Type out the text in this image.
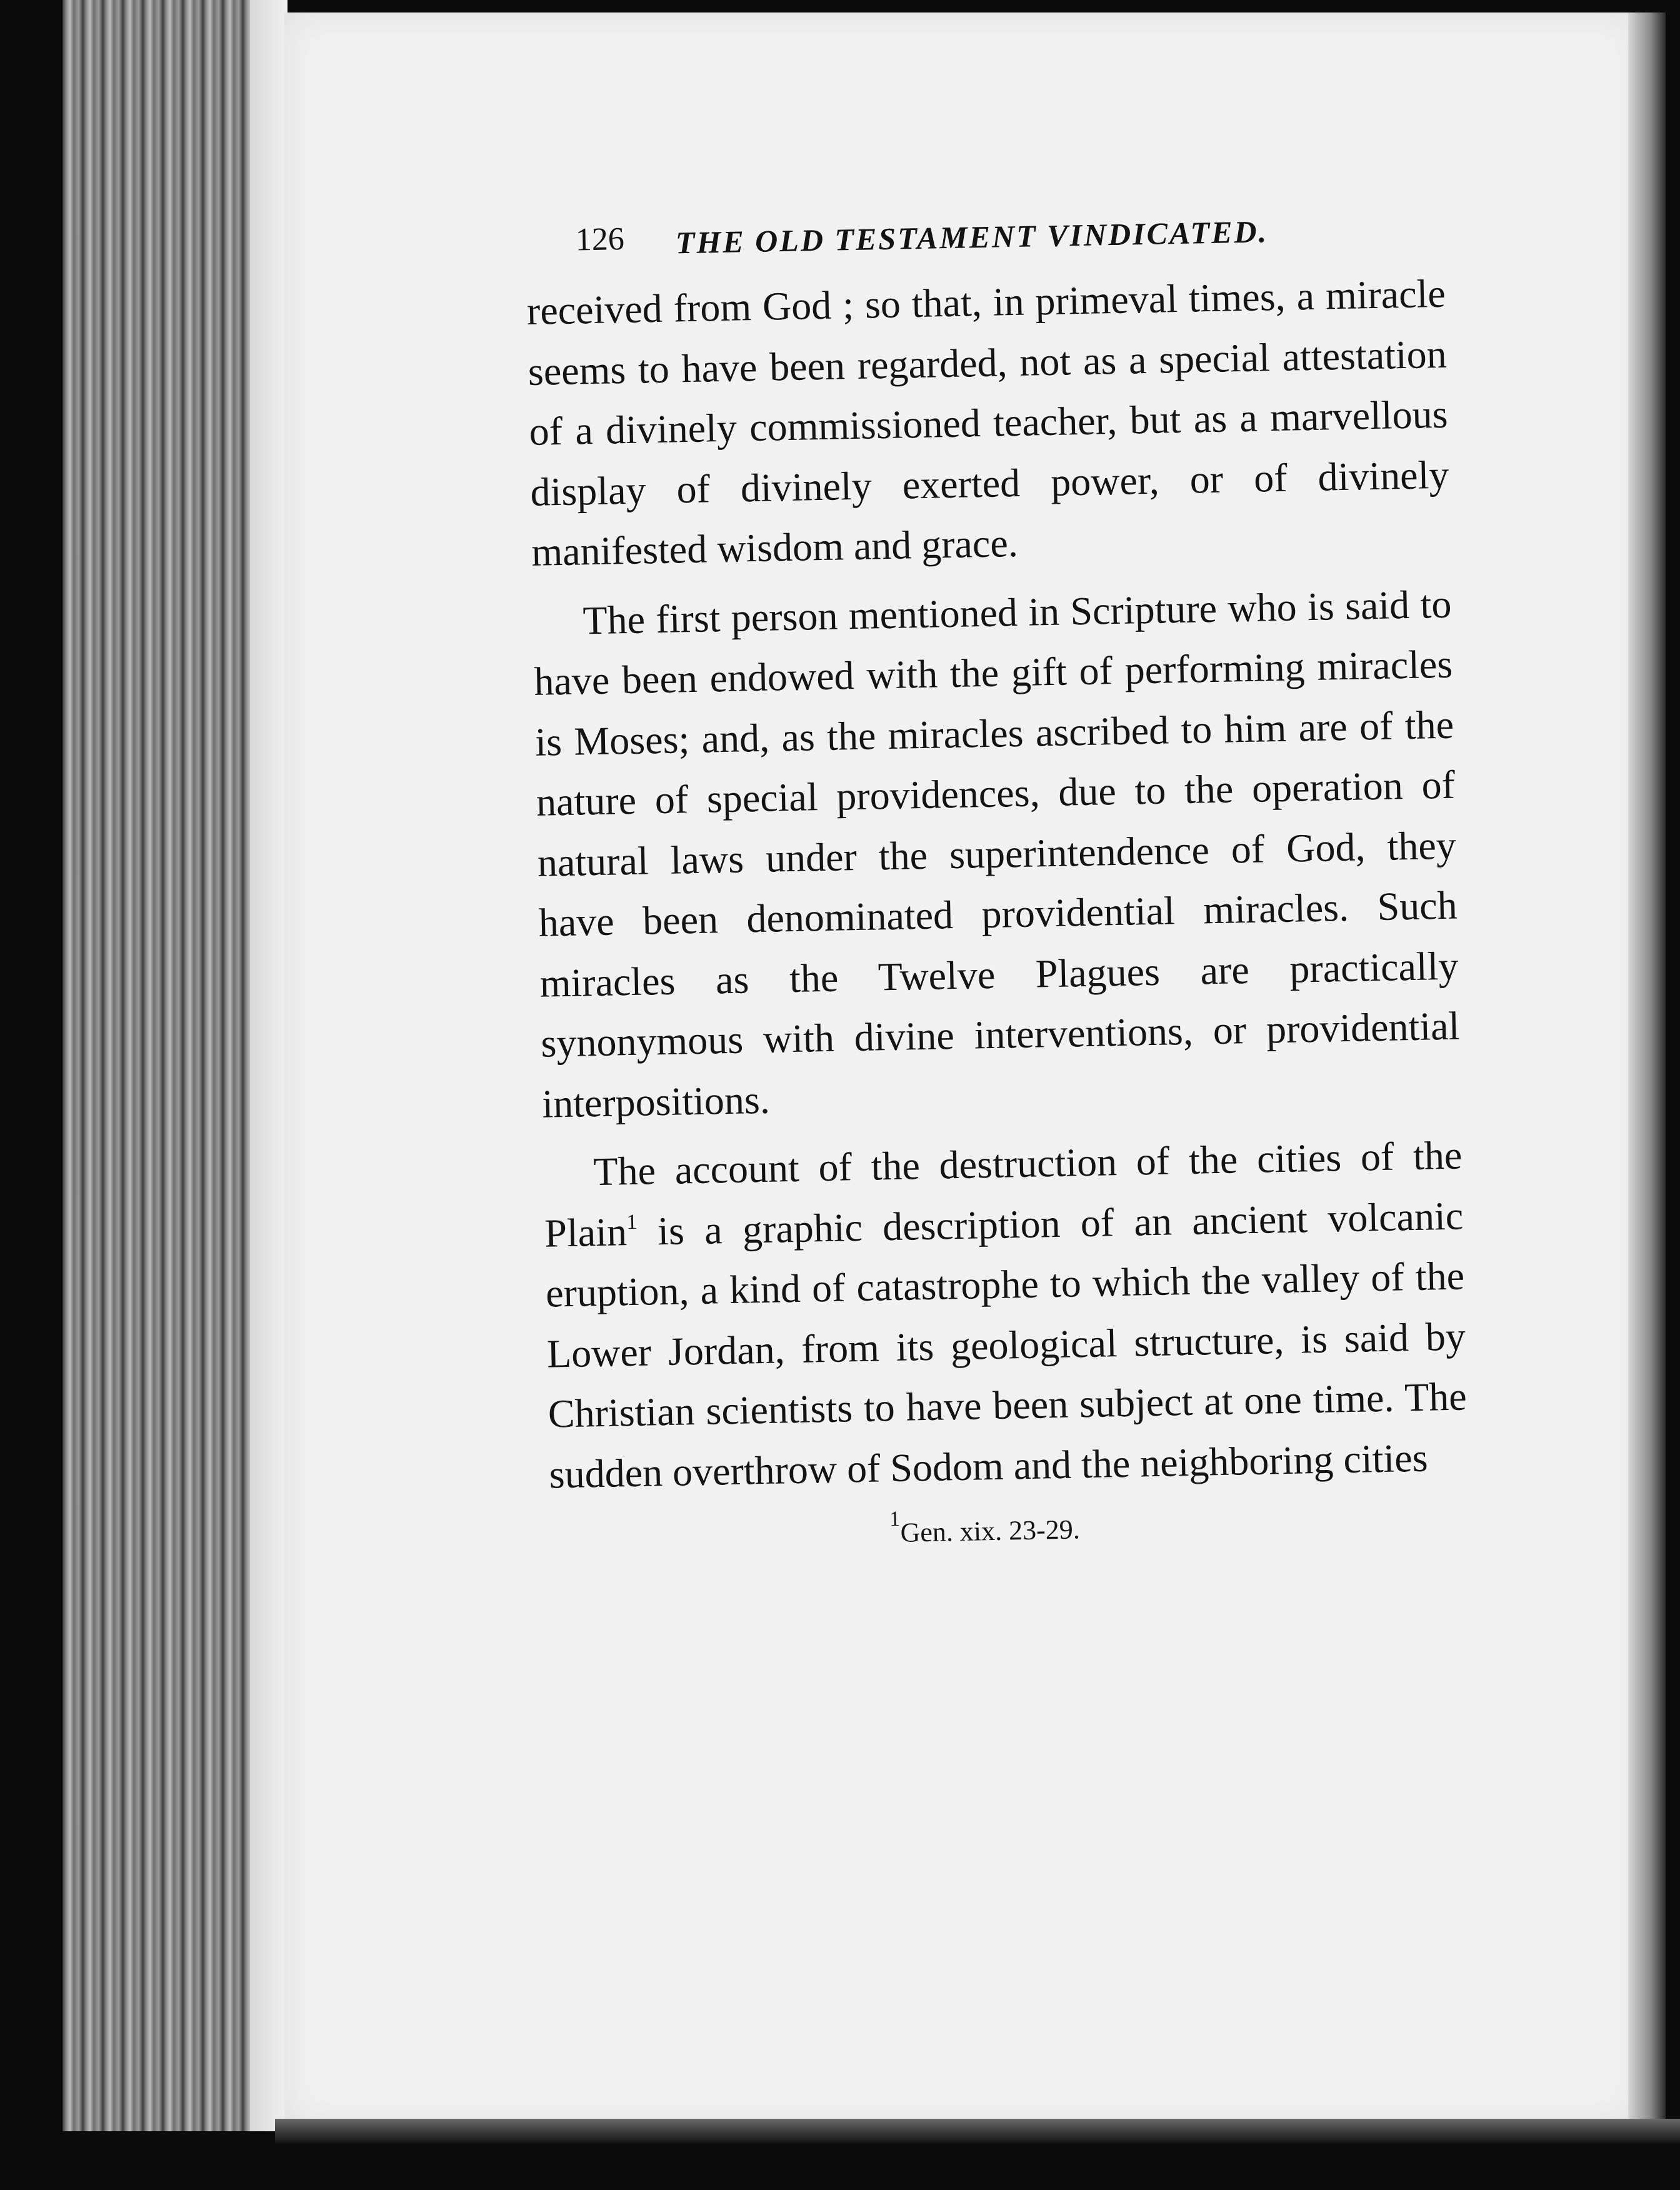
126 THE OLD TESTAMENT VINDICATED.

received from God ; so that, in primeval times, a miracle seems to have been regarded, not as a special attestation of a divinely commissioned teacher, but as a marvellous display of divinely exerted power, or of divinely manifested wisdom and grace.

The first person mentioned in Scripture who is said to have been endowed with the gift of performing miracles is Moses; and, as the miracles ascribed to him are of the nature of special providences, due to the operation of natural laws under the superintendence of God, they have been denominated providential miracles. Such miracles as the Twelve Plagues are practically synonymous with divine interventions, or providential interpositions.

The account of the destruction of the cities of the Plain$^1$ is a graphic description of an ancient volcanic eruption, a kind of catastrophe to which the valley of the Lower Jordan, from its geological structure, is said by Christian scientists to have been subject at one time. The sudden overthrow of Sodom and the neighboring cities

$^1$Gen. xix. 23-29.
